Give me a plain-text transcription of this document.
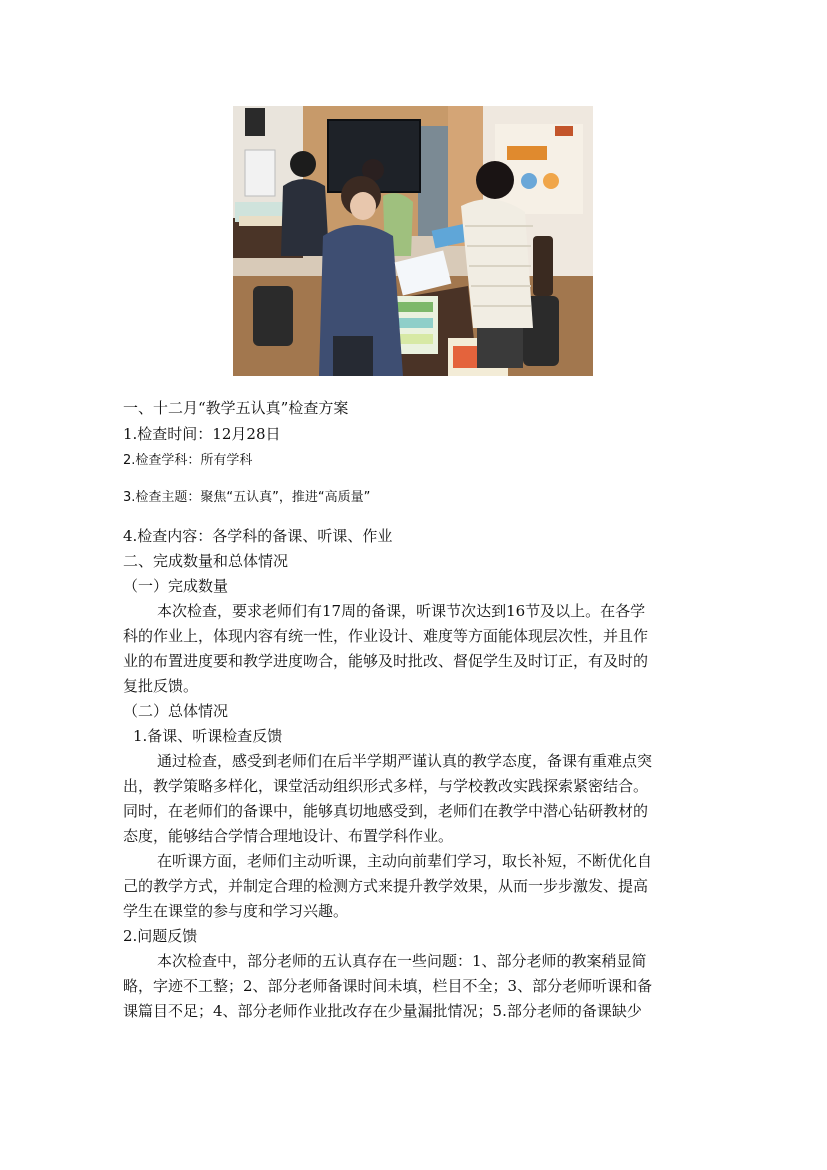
一、十二月“教学五认真”检查方案
1.检查时间：12月28日
2.检查学科：所有学科
3.检查主题：聚焦“五认真”，推进“高质量”
4.检查内容：各学科的备课、听课、作业
二、完成数量和总体情况
（一）完成数量
本次检查，要求老师们有17周的备课，听课节次达到16节及以上。在各学
科的作业上，体现内容有统一性，作业设计、难度等方面能体现层次性，并且作
业的布置进度要和教学进度吻合，能够及时批改、督促学生及时订正，有及时的
复批反馈。
（二）总体情况
1.备课、听课检查反馈
通过检查，感受到老师们在后半学期严谨认真的教学态度，备课有重难点突
出，教学策略多样化，课堂活动组织形式多样，与学校教改实践探索紧密结合。
同时，在老师们的备课中，能够真切地感受到，老师们在教学中潜心钻研教材的
态度，能够结合学情合理地设计、布置学科作业。
在听课方面，老师们主动听课，主动向前辈们学习，取长补短，不断优化自
己的教学方式，并制定合理的检测方式来提升教学效果，从而一步步激发、提高
学生在课堂的参与度和学习兴趣。
2.问题反馈
本次检查中，部分老师的五认真存在一些问题：1、部分老师的教案稍显简
略，字迹不工整；2、部分老师备课时间未填，栏目不全；3、部分老师听课和备
课篇目不足；4、部分老师作业批改存在少量漏批情况；5.部分老师的备课缺少
